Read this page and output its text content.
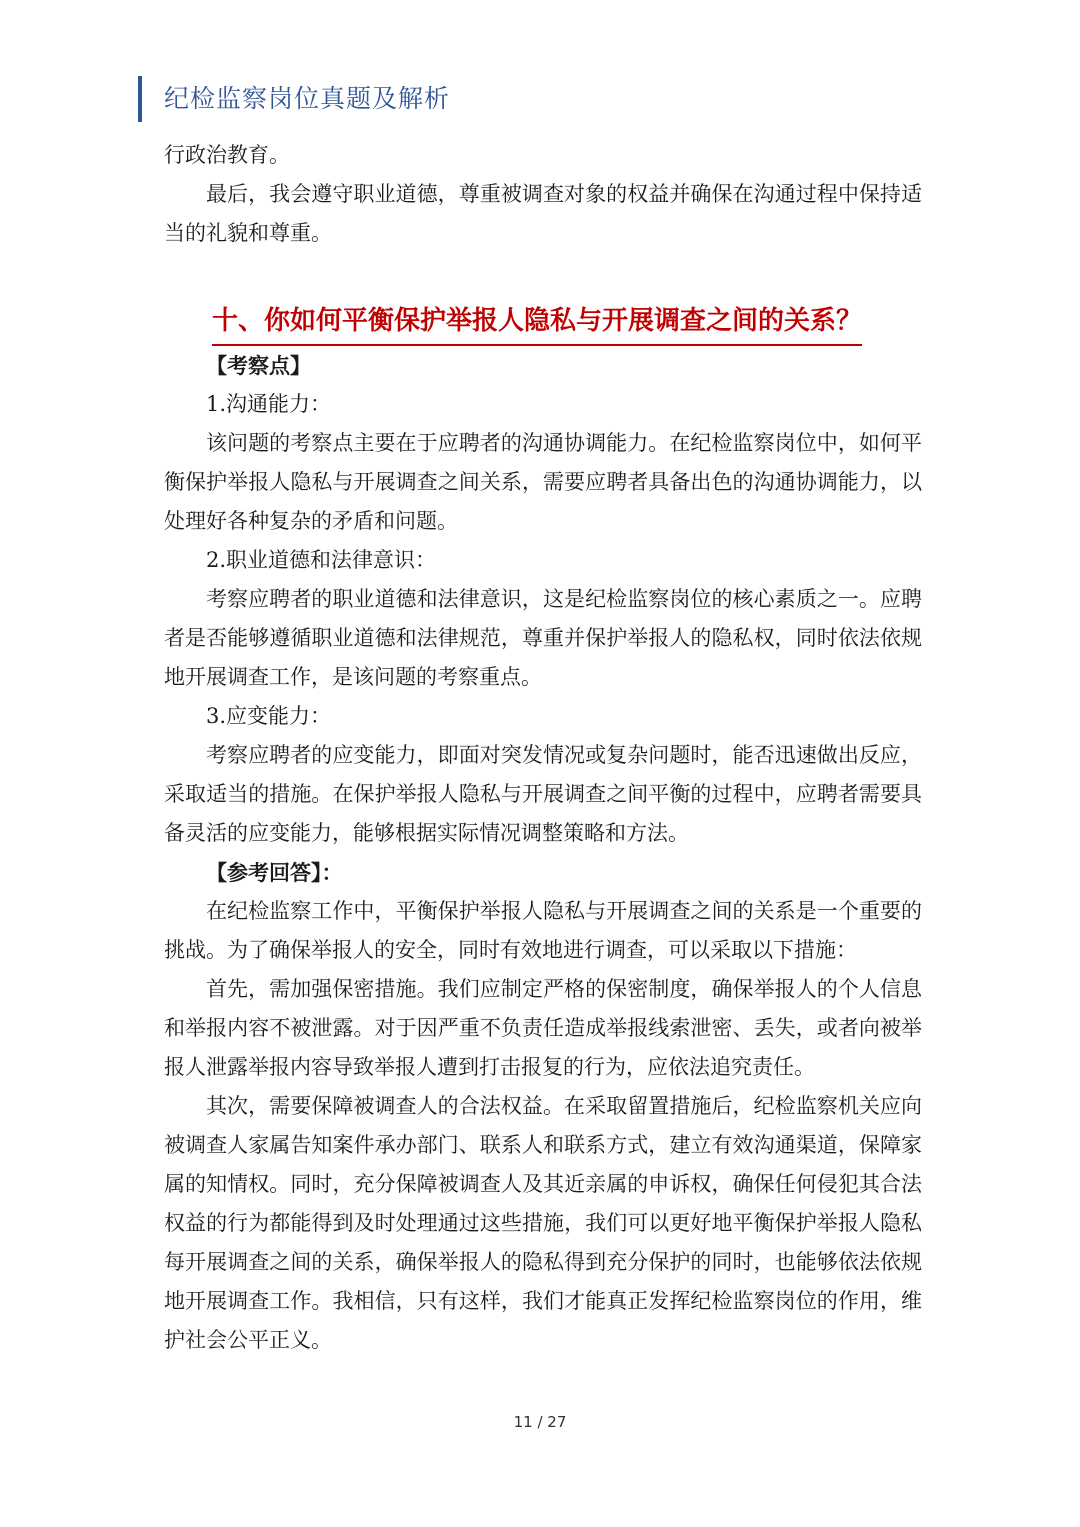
纪检监察岗位真题及解析

行政治教育。

最后，我会遵守职业道德，尊重被调查对象的权益并确保在沟通过程中保持适当的礼貌和尊重。

十、你如何平衡保护举报人隐私与开展调查之间的关系？

【考察点】

1.沟通能力：

该问题的考察点主要在于应聘者的沟通协调能力。在纪检监察岗位中，如何平衡保护举报人隐私与开展调查之间关系，需要应聘者具备出色的沟通协调能力，以处理好各种复杂的矛盾和问题。

2.职业道德和法律意识：

考察应聘者的职业道德和法律意识，这是纪检监察岗位的核心素质之一。应聘者是否能够遵循职业道德和法律规范，尊重并保护举报人的隐私权，同时依法依规地开展调查工作，是该问题的考察重点。

3.应变能力：

考察应聘者的应变能力，即面对突发情况或复杂问题时，能否迅速做出反应，采取适当的措施。在保护举报人隐私与开展调查之间平衡的过程中，应聘者需要具备灵活的应变能力，能够根据实际情况调整策略和方法。

【参考回答】：

在纪检监察工作中，平衡保护举报人隐私与开展调查之间的关系是一个重要的挑战。为了确保举报人的安全，同时有效地进行调查，可以采取以下措施：

首先，需加强保密措施。我们应制定严格的保密制度，确保举报人的个人信息和举报内容不被泄露。对于因严重不负责任造成举报线索泄密、丢失，或者向被举报人泄露举报内容导致举报人遭到打击报复的行为，应依法追究责任。

其次，需要保障被调查人的合法权益。在采取留置措施后，纪检监察机关应向被调查人家属告知案件承办部门、联系人和联系方式，建立有效沟通渠道，保障家属的知情权。同时，充分保障被调查人及其近亲属的申诉权，确保任何侵犯其合法权益的行为都能得到及时处理通过这些措施，我们可以更好地平衡保护举报人隐私每开展调查之间的关系，确保举报人的隐私得到充分保护的同时，也能够依法依规地开展调查工作。我相信，只有这样，我们才能真正发挥纪检监察岗位的作用，维护社会公平正义。

11 / 27
